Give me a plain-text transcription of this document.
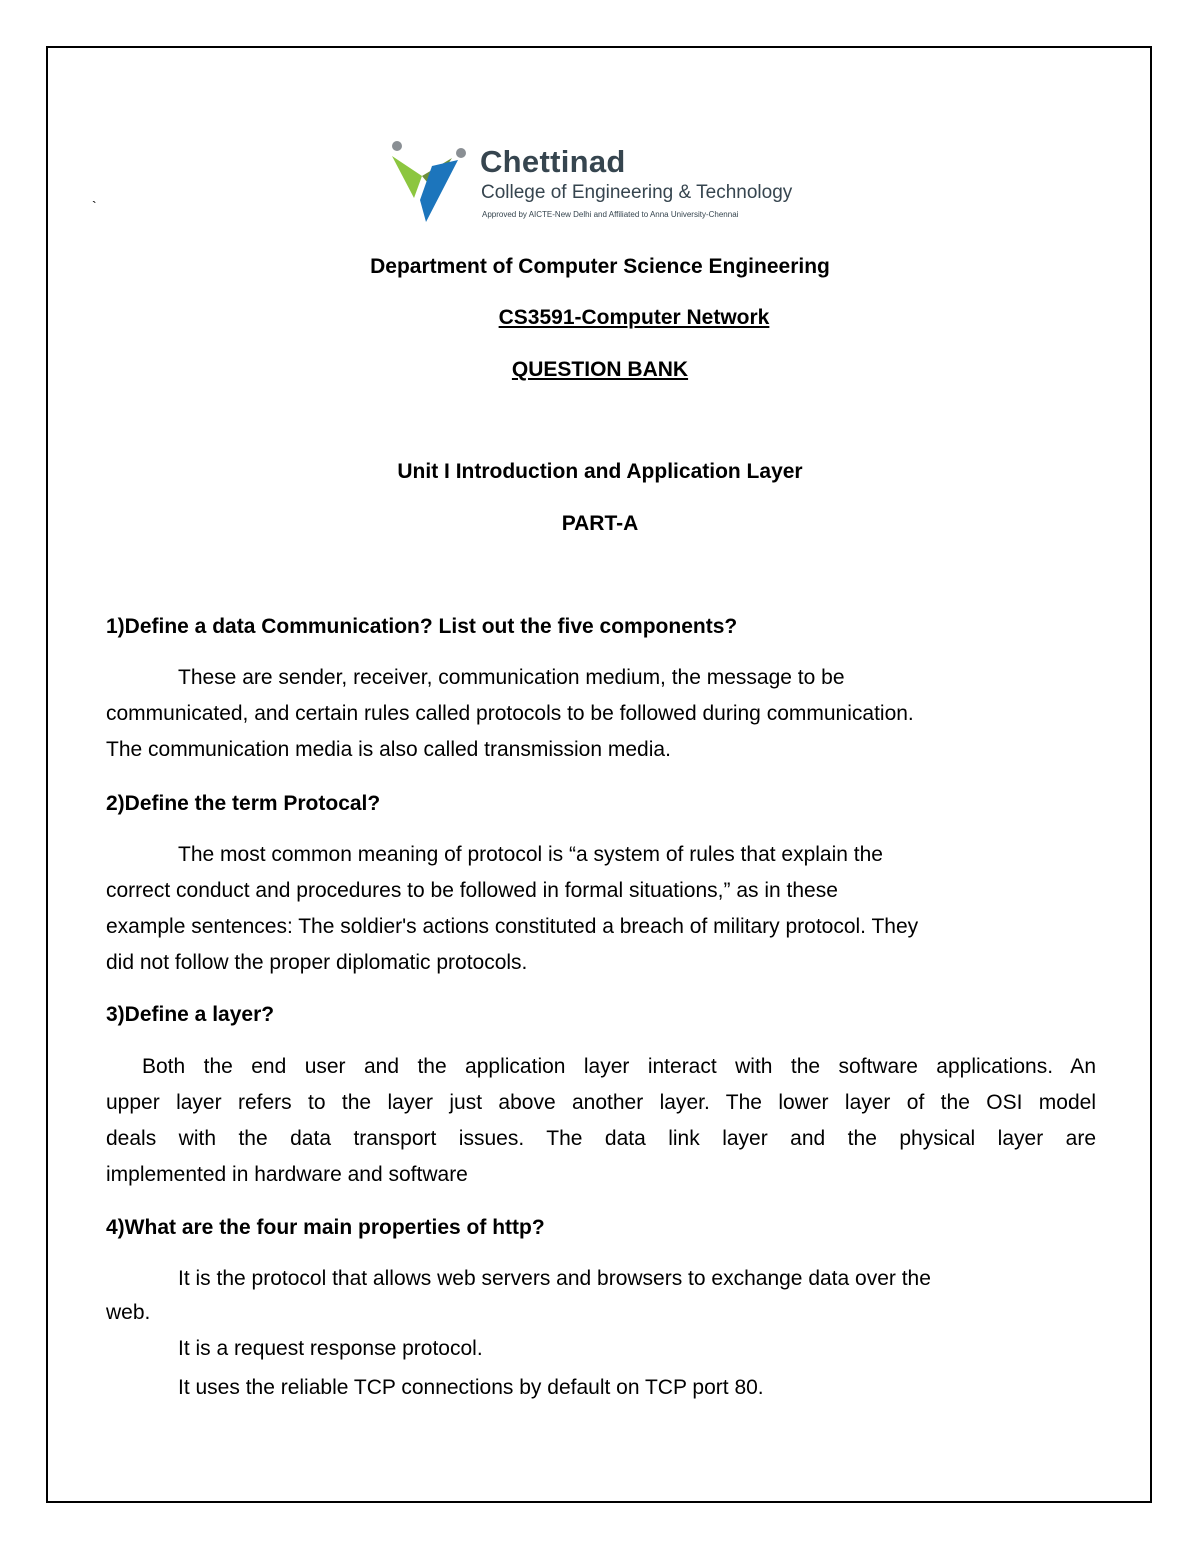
`
Chettinad
College of Engineering & Technology
Approved by AICTE-New Delhi and Affiliated to Anna University-Chennai
Department of Computer Science Engineering
CS3591-Computer Network
QUESTION BANK
Unit I Introduction and Application Layer
PART-A
1)Define a data Communication? List out the five components?
These are sender, receiver, communication medium, the message to be
communicated, and certain rules called protocols to be followed during communication.
The communication media is also called transmission media.
2)Define the term Protocal?
The most common meaning of protocol is “a system of rules that explain the
correct conduct and procedures to be followed in formal situations,” as in these
example sentences: The soldier's actions constituted a breach of military protocol. They
did not follow the proper diplomatic protocols.
3)Define a layer?
Both the end user and the application layer interact with the software applications. An
upper layer refers to the layer just above another layer. The lower layer of the OSI model
deals with the data transport issues. The data link layer and the physical layer are
implemented in hardware and software
4)What are the four main properties of http?
It is the protocol that allows web servers and browsers to exchange data over the
web.
It is a request response protocol.
It uses the reliable TCP connections by default on TCP port 80.
